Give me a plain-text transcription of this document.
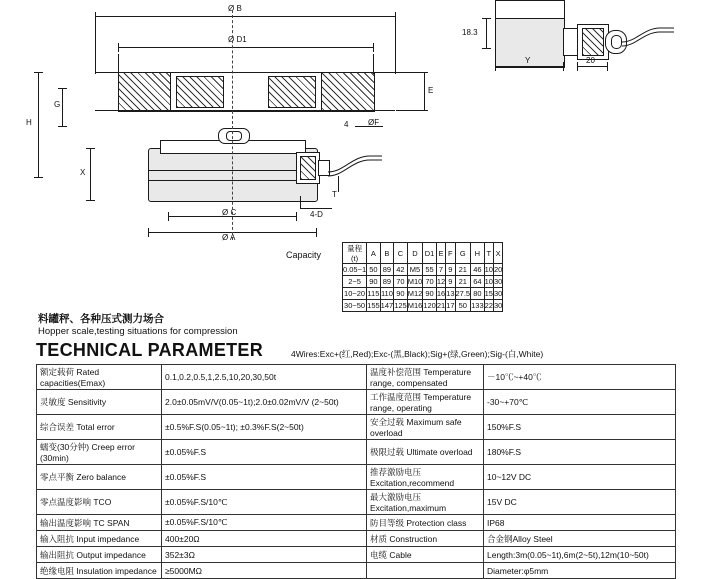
Ø B
Ø D1
E
H
G
X
T
ØF
4
4-D
Ø C
Ø A
18.3
Y	20
Capacity
量程 (t)	A	B	C	D	D1	E	F	G	H	T	X
0.05~1	50	89	42	M5	55	7	9	21	46	10	20
2~5	90	89	70	M10	70	12	9	21	64	10	30
10~20	115	110	90	M12	90	16	13	27.5	80	15	30
30~50	155	147	125	M16	120	21	17	50	133	22	30
料罐秤、各种压式测力场合
Hopper scale,testing situations for compression
TECHNICAL PARAMETER	4Wires:Exc+(红,Red);Exc-(黑,Black);Sig+(绿,Green);Sig-(白,White)
额定载荷 Rated capacities(Emax)	0.1,0.2,0.5,1,2.5,10,20,30,50t	温度补偿范围 Temperature range, compensated	－10℃~+40℃
灵敏度 Sensitivity	2.0±0.05mV/V(0.05~1t);2.0±0.02mV/V (2~50t)	工作温度范围 Temperature range, operating	-30~+70℃
综合误差 Total error	±0.5%F.S(0.05~1t); ±0.3%F.S(2~50t)	安全过载 Maximum safe overload	150%F.S
蠕变(30分钟) Creep error (30min)	±0.05%F.S	极限过载 Ultimate overload	180%F.S
零点平衡 Zero balance	±0.05%F.S	推荐激励电压 Excitation,recommend	10~12V DC
零点温度影响 TCO	±0.05%F.S/10℃	最大激励电压 Excitation,maximum	15V DC
输出温度影响 TC SPAN	±0.05%F.S/10℃	防目等级 Protection class	IP68
输入阻抗 Input impedance	400±20Ω	材质 Construction	合金钢Alloy Steel
输出阻抗 Output impedance	352±3Ω	电缆 Cable	Length:3m(0.05~1t),6m(2~5t),12m(10~50t)
绝缘电阻 Insulation impedance	≥5000MΩ		Diameter:φ5mm
